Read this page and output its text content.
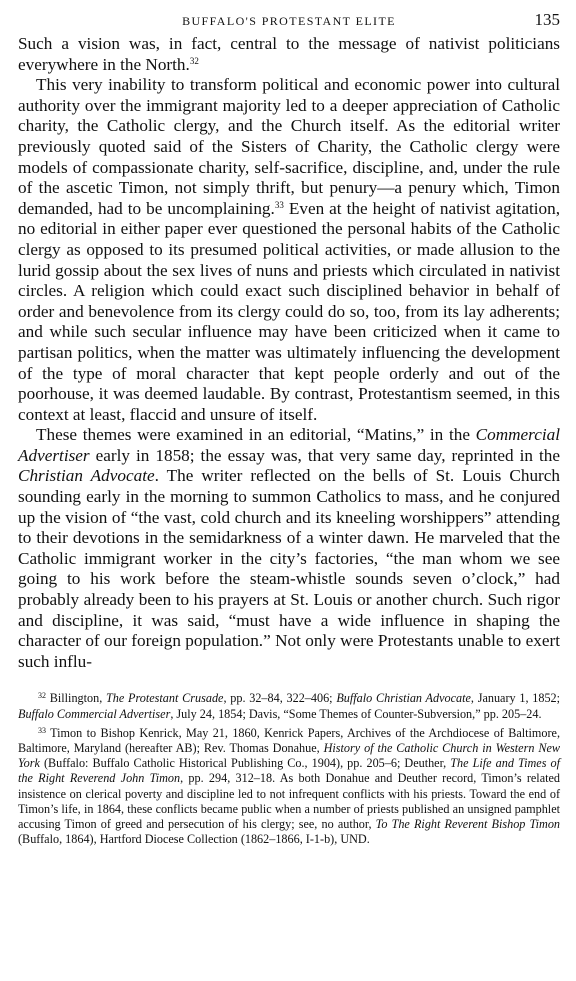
BUFFALO'S PROTESTANT ELITE	135

Such a vision was, in fact, central to the message of nativist politicians everywhere in the North.$^{32}$

This very inability to transform political and economic power into cultural authority over the immigrant majority led to a deeper appreciation of Catholic charity, the Catholic clergy, and the Church itself. As the editorial writer previously quoted said of the Sisters of Charity, the Catholic clergy were models of compassionate charity, self-sacrifice, discipline, and, under the rule of the ascetic Timon, not simply thrift, but penury—a penury which, Timon demanded, had to be uncomplaining.$^{33}$ Even at the height of nativist agitation, no editorial in either paper ever questioned the personal habits of the Catholic clergy as opposed to its presumed political activities, or made allusion to the lurid gossip about the sex lives of nuns and priests which circulated in nativist circles. A religion which could exact such disciplined behavior in behalf of order and benevolence from its clergy could do so, too, from its lay adherents; and while such secular influence may have been criticized when it came to partisan politics, when the matter was ultimately influencing the development of the type of moral character that kept people orderly and out of the poorhouse, it was deemed laudable. By contrast, Protestantism seemed, in this context at least, flaccid and unsure of itself.

These themes were examined in an editorial, “Matins,” in the Commercial Advertiser early in 1858; the essay was, that very same day, reprinted in the Christian Advocate. The writer reflected on the bells of St. Louis Church sounding early in the morning to summon Catholics to mass, and he conjured up the vision of “the vast, cold church and its kneeling worshippers” attending to their devotions in the semidarkness of a winter dawn. He marveled that the Catholic immigrant worker in the city’s factories, “the man whom we see going to his work before the steam-whistle sounds seven o’clock,” had probably already been to his prayers at St. Louis or another church. Such rigor and discipline, it was said, “must have a wide influence in shaping the character of our foreign population.” Not only were Protestants unable to exert such influ-

$^{32}$ Billington, The Protestant Crusade, pp. 32–84, 322–406; Buffalo Christian Advocate, January 1, 1852; Buffalo Commercial Advertiser, July 24, 1854; Davis, “Some Themes of Counter-Subversion,” pp. 205–24.

$^{33}$ Timon to Bishop Kenrick, May 21, 1860, Kenrick Papers, Archives of the Archdiocese of Baltimore, Baltimore, Maryland (hereafter AB); Rev. Thomas Donahue, History of the Catholic Church in Western New York (Buffalo: Buffalo Catholic Historical Publishing Co., 1904), pp. 205–6; Deuther, The Life and Times of the Right Reverend John Timon, pp. 294, 312–18. As both Donahue and Deuther record, Timon’s related insistence on clerical poverty and discipline led to not infrequent conflicts with his priests. Toward the end of Timon’s life, in 1864, these conflicts became public when a number of priests published an unsigned pamphlet accusing Timon of greed and persecution of his clergy; see, no author, To The Right Reverent Bishop Timon (Buffalo, 1864), Hartford Diocese Collection (1862–1866, I-1-b), UND.
